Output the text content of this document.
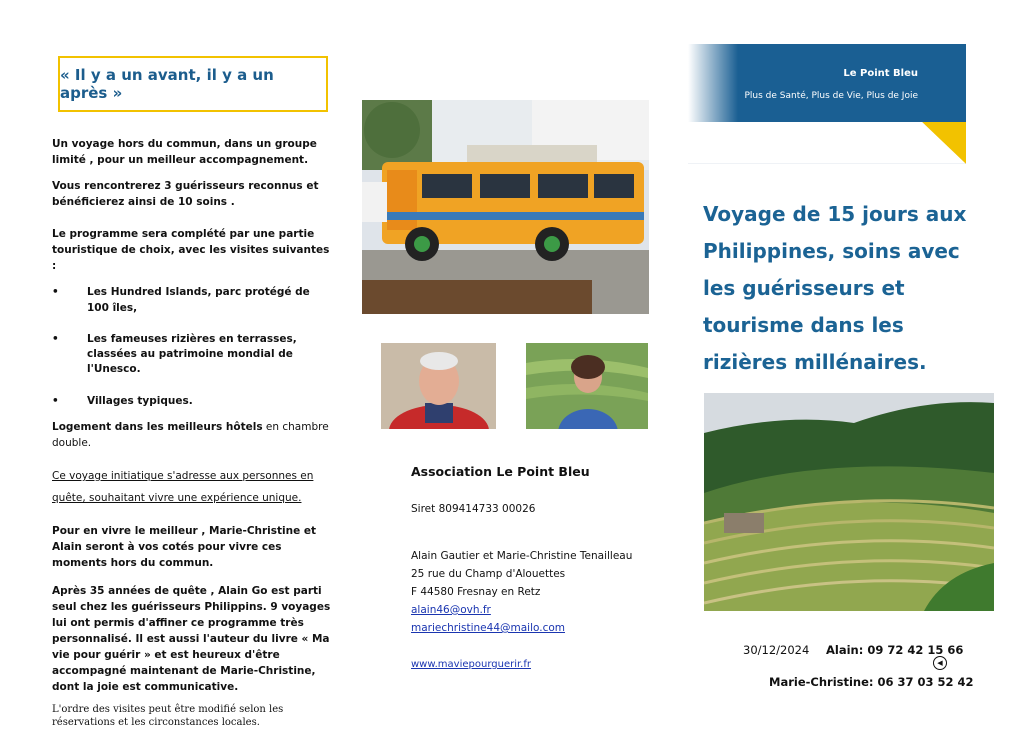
« Il y a un avant, il y a un après »

Un voyage hors du commun, dans un groupe limité , pour un meilleur accompagnement.

Vous rencontrerez 3 guérisseurs reconnus et bénéficierez ainsi de 10 soins .

Le programme sera complété par une partie touristique de choix, avec les visites suivantes :

• Les Hundred Islands, parc protégé de 100 îles,
• Les fameuses rizières en terrasses, classées au patrimoine mondial de l'Unesco.
• Villages typiques.

Logement dans les meilleurs hôtels en chambre double.

Ce voyage initiatique s'adresse aux personnes en quête, souhaitant vivre une expérience unique.

Pour en vivre le meilleur , Marie-Christine et Alain seront à vos cotés pour vivre ces moments hors du commun.

Après 35 années de quête , Alain Go est parti seul chez les guérisseurs Philippins. 9 voyages lui ont permis d'affiner ce programme très personnalisé. Il est aussi l'auteur du livre « Ma vie pour guérir » et est heureux d'être accompagné maintenant de Marie-Christine, dont la joie est communicative.

L'ordre des visites peut être modifié selon les réservations et les circonstances locales.

Association Le Point Bleu
Siret 809414733 00026
Alain Gautier et Marie-Christine Tenailleau
25 rue du Champ d'Alouettes
F 44580 Fresnay en Retz
alain46@ovh.fr
mariechristine44@mailo.com
www.maviepourguerir.fr
Le Point Bleu
Plus de Santé, Plus de Vie, Plus de Joie
Voyage de 15 jours aux Philippines, soins avec les guérisseurs et tourisme dans les rizières millénaires.
30/12/2024 Alain: 09 72 42 15 66
◀
Marie-Christine: 06 37 03 52 42
